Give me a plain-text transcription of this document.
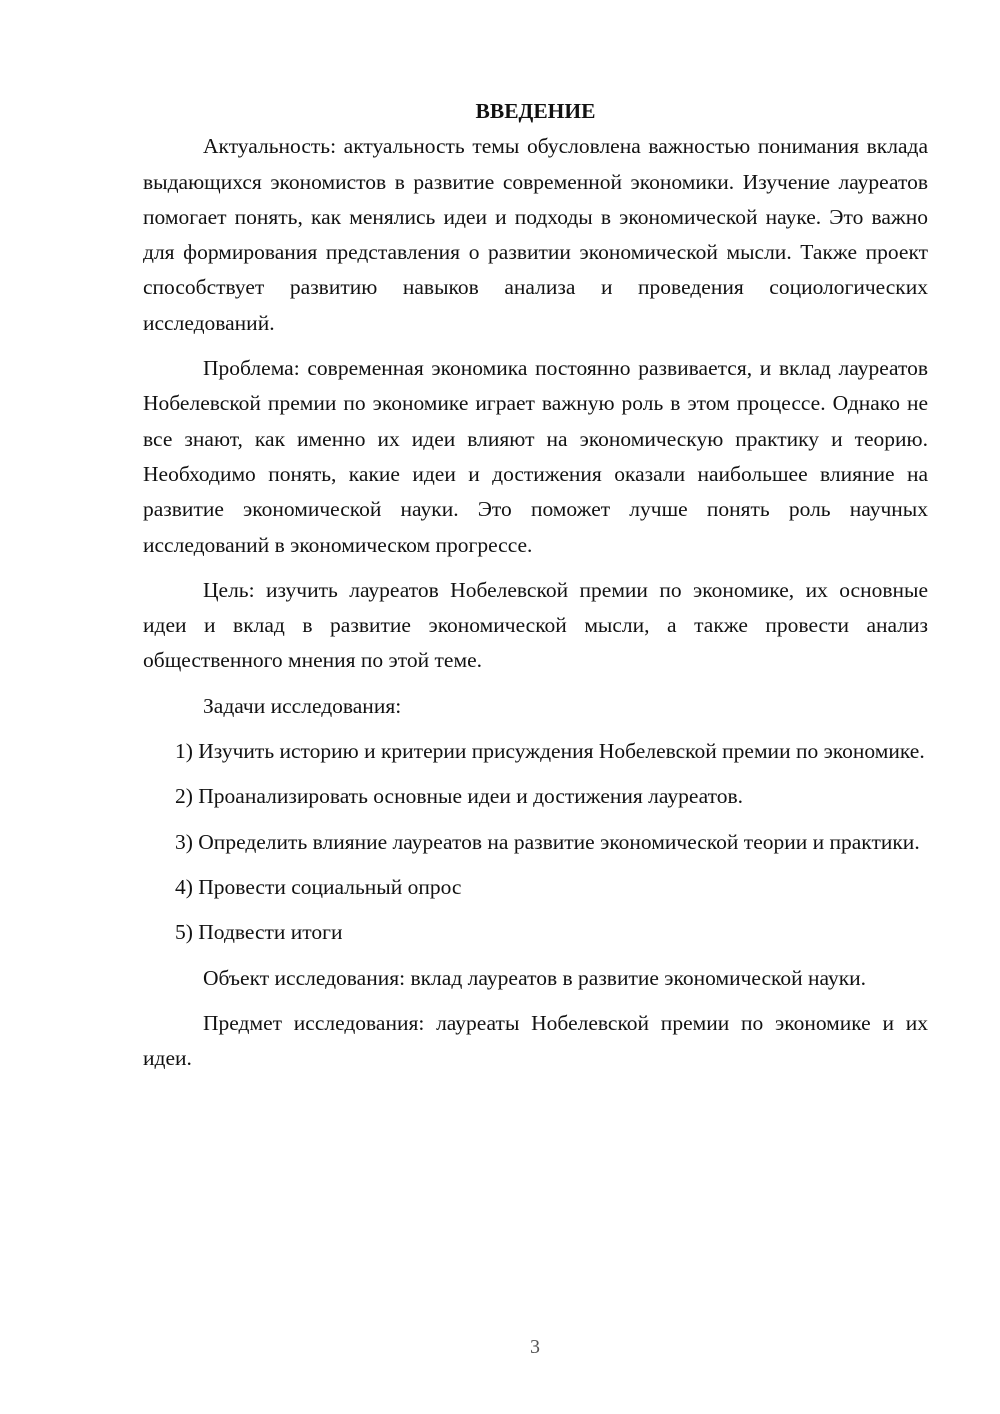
ВВЕДЕНИЕ

Актуальность: актуальность темы обусловлена важностью понимания вклада выдающихся экономистов в развитие современной экономики. Изучение лауреатов помогает понять, как менялись идеи и подходы в экономической науке. Это важно для формирования представления о развитии экономической мысли. Также проект способствует развитию навыков анализа и проведения социологических исследований.

Проблема: современная экономика постоянно развивается, и вклад лауреатов Нобелевской премии по экономике играет важную роль в этом процессе. Однако не все знают, как именно их идеи влияют на экономическую практику и теорию. Необходимо понять, какие идеи и достижения оказали наибольшее влияние на развитие экономической науки. Это поможет лучше понять роль научных исследований в экономическом прогрессе.

Цель: изучить лауреатов Нобелевской премии по экономике, их основные идеи и вклад в развитие экономической мысли, а также провести анализ общественного мнения по этой теме.

Задачи исследования:

1) Изучить историю и критерии присуждения Нобелевской премии по экономике.

2) Проанализировать основные идеи и достижения лауреатов.

3) Определить влияние лауреатов на развитие экономической теории и практики.

4) Провести социальный опрос

5) Подвести итоги

Объект исследования: вклад лауреатов в развитие экономической науки.

Предмет исследования: лауреаты Нобелевской премии по экономике и их идеи.

3
